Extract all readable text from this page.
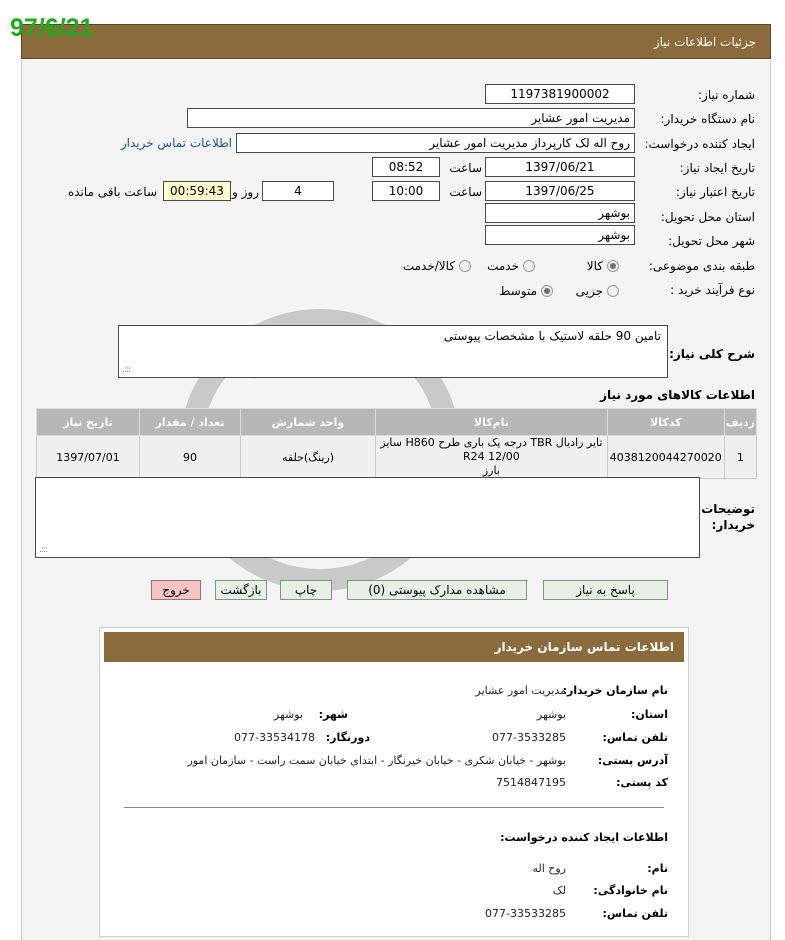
97/6/21	جزئیات اطلاعات نیاز
شماره نیاز:
1197381900002
نام دستگاه خریدار:
مدیریت امور عشایر
ایجاد کننده درخواست:
روح اله لک کارپرداز مدیریت امور عشایر
اطلاعات تماس خریدار
تاریخ ایجاد نیاز:
1397/06/21
ساعت
08:52
تاریخ اعتبار نیاز:
1397/06/25
ساعت
10:00
4
روز و
00:59:43
ساعت باقی مانده
استان محل تحویل:
بوشهر
شهر محل تحویل:
بوشهر
طبقه بندی موضوعی:
کالا
خدمت
کالا/خدمت
نوع فرآیند خرید :
جزیی
متوسط
شرح کلی نیاز:
تامین 90 حلقه لاستیک با مشخصات پیوستی
.:::
اطلاعات کالاهای مورد نیاز
ردیف	کدکالا	نام‌کالا	واحد شمارش	تعداد / مقدار	تاریخ نیاز
1	4038120044270020	تایر رادیال TBR درجه یک باری طرح H860 سایز R24 12/00
بارز	(رینگ)حلقه	90	1397/07/01
توضیحات
خریدار:
.:::
پاسخ به نیاز
مشاهده مدارک پیوستی (0)
چاپ
بازگشت
خروج
اطلاعات تماس سازمان خریدار
نام سازمان خریدار:
مدیریت امور عشایر
استان:
بوشهر
شهر:
بوشهر
تلفن تماس:
077-3533285
دورنگار:
077-33534178
آدرس پستی:
بوشهر - خیابان شکری - خیابان خیرنگار - ابتدای خیابان سمت راست - سازمان امور
کد پستی:
7514847195
اطلاعات ایجاد کننده درخواست:
نام:
روح اله
نام خانوادگی:
لک
تلفن تماس:
077-33533285
